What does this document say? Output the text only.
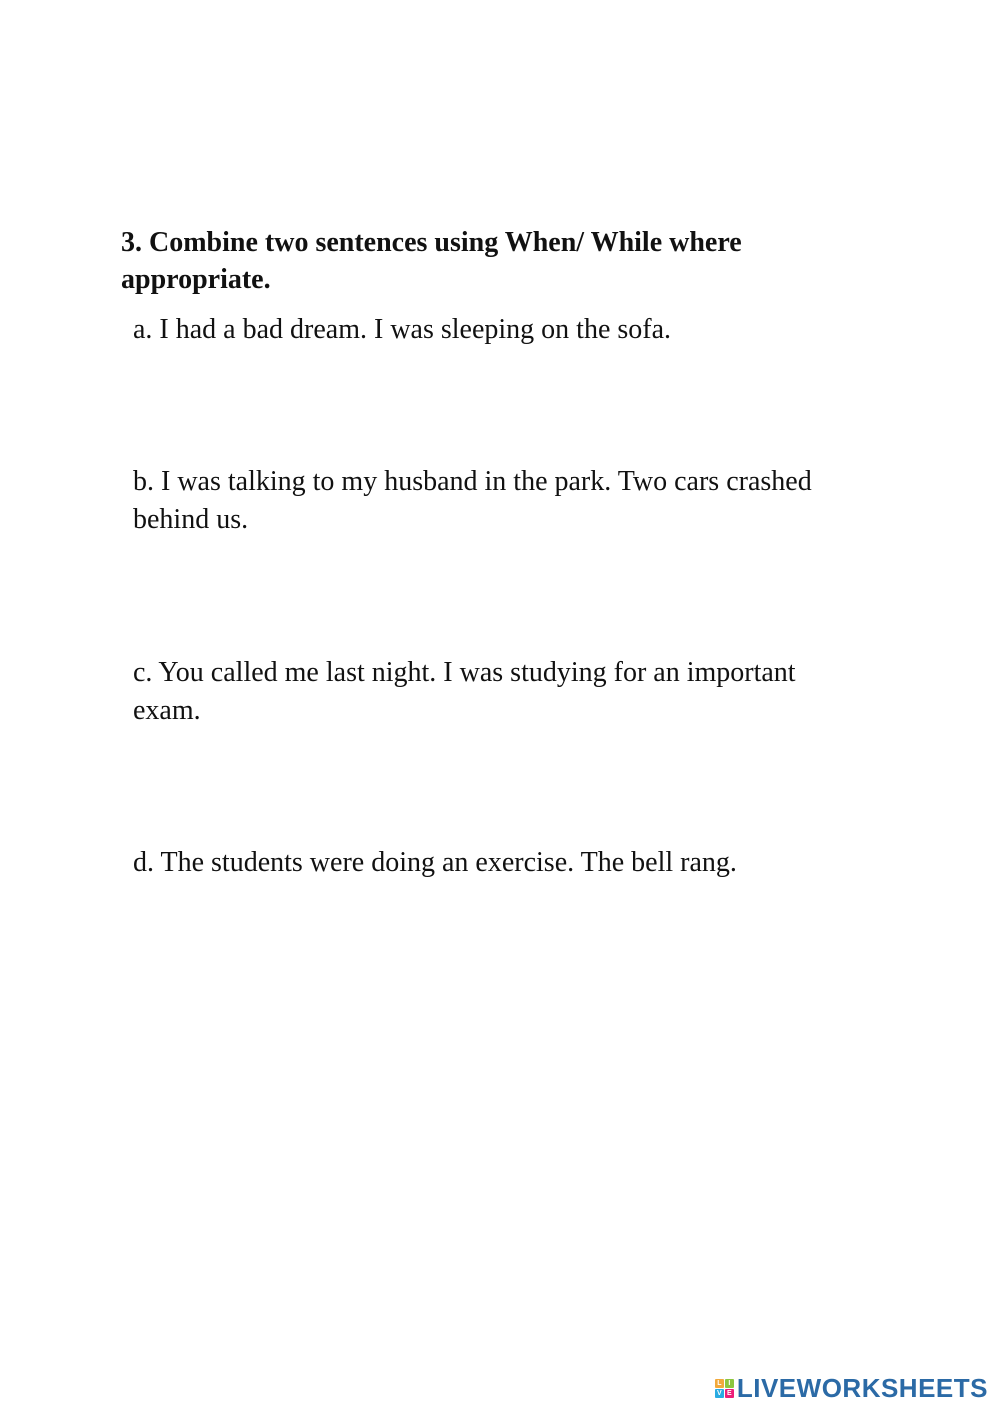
3. Combine two sentences using When/ While where
appropriate.

a. I had a bad dream. I was sleeping on the sofa.

b. I was talking to my husband in the park. Two cars crashed
behind us.

c. You called me last night. I was studying for an important
exam.

d. The students were doing an exercise. The bell rang.

L I
V E LIVEWORKSHEETS
